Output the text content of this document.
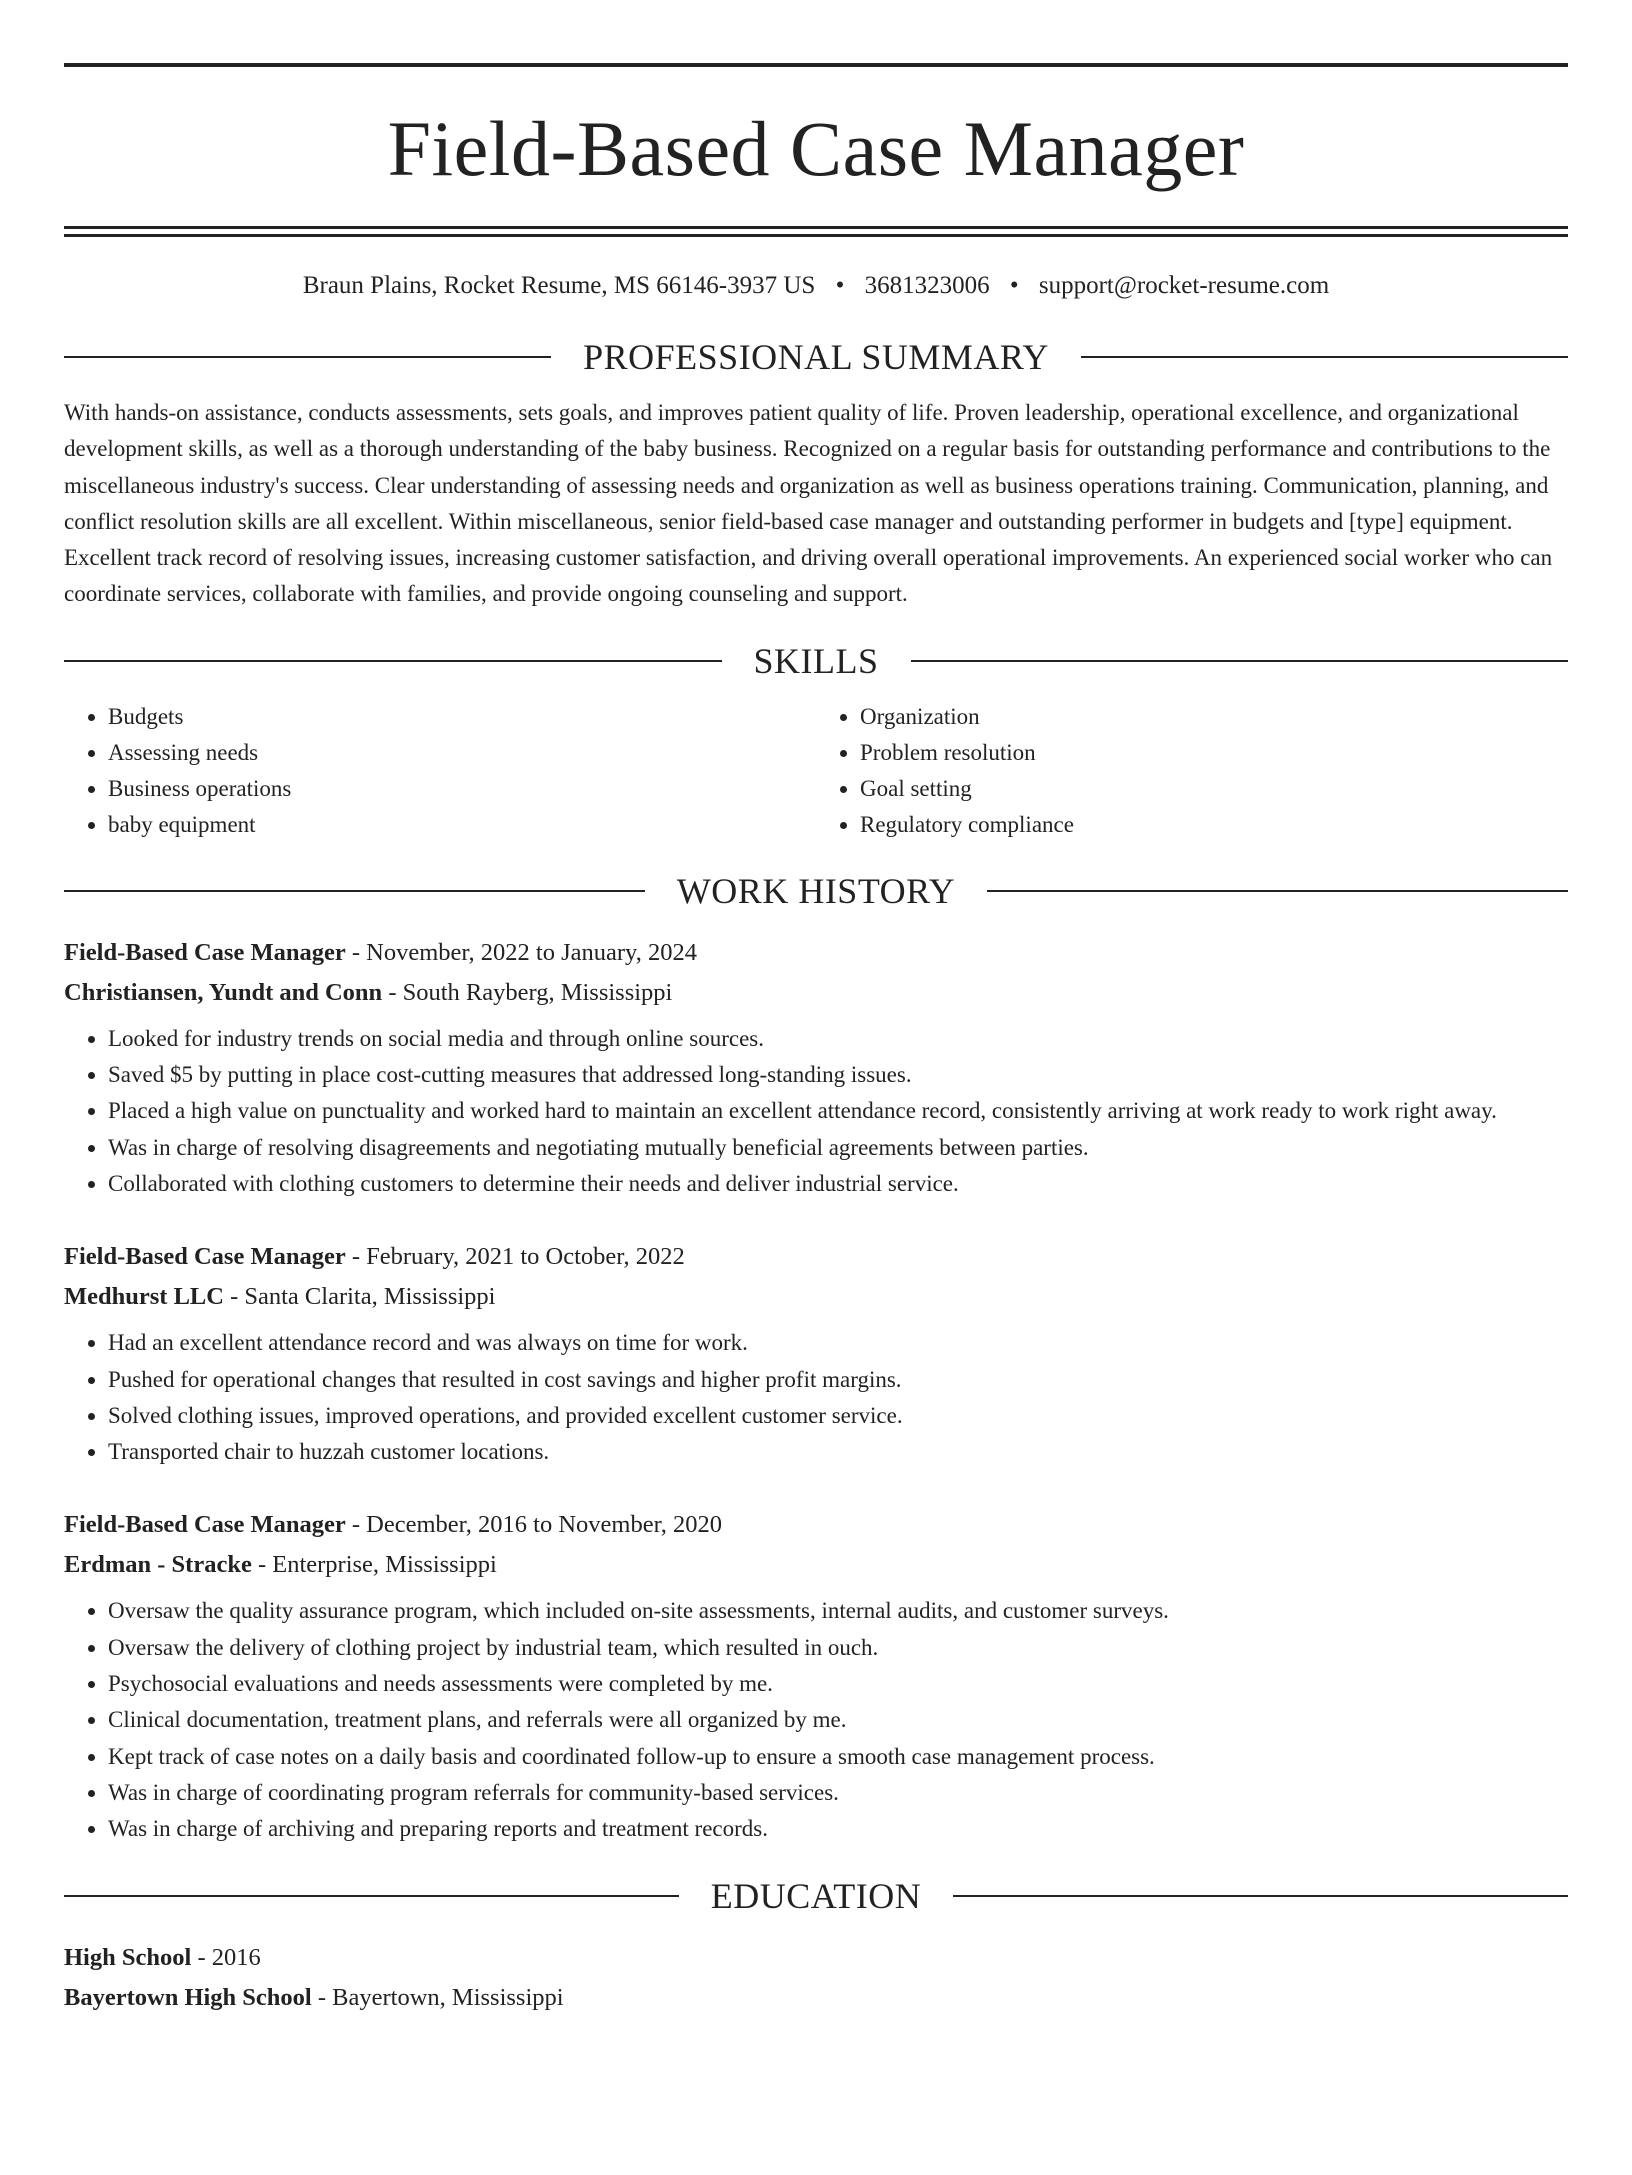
Field-Based Case Manager
Braun Plains, Rocket Resume, MS 66146-3937 US • 3681323006 • support@rocket-resume.com
PROFESSIONAL SUMMARY

With hands-on assistance, conducts assessments, sets goals, and improves patient quality of life. Proven leadership, operational excellence, and organizational development skills, as well as a thorough understanding of the baby business. Recognized on a regular basis for outstanding performance and contributions to the miscellaneous industry's success. Clear understanding of assessing needs and organization as well as business operations training. Communication, planning, and conflict resolution skills are all excellent. Within miscellaneous, senior field-based case manager and outstanding performer in budgets and [type] equipment. Excellent track record of resolving issues, increasing customer satisfaction, and driving overall operational improvements. An experienced social worker who can coordinate services, collaborate with families, and provide ongoing counseling and support.

SKILLS
• Budgets
• Assessing needs
• Business operations
• baby equipment
• Organization
• Problem resolution
• Goal setting
• Regulatory compliance
WORK HISTORY
Field-Based Case Manager - November, 2022 to January, 2024
Christiansen, Yundt and Conn - South Rayberg, Mississippi
• Looked for industry trends on social media and through online sources.
• Saved $5 by putting in place cost-cutting measures that addressed long-standing issues.
• Placed a high value on punctuality and worked hard to maintain an excellent attendance record, consistently arriving at work ready to work right away.
• Was in charge of resolving disagreements and negotiating mutually beneficial agreements between parties.
• Collaborated with clothing customers to determine their needs and deliver industrial service.
Field-Based Case Manager - February, 2021 to October, 2022
Medhurst LLC - Santa Clarita, Mississippi
• Had an excellent attendance record and was always on time for work.
• Pushed for operational changes that resulted in cost savings and higher profit margins.
• Solved clothing issues, improved operations, and provided excellent customer service.
• Transported chair to huzzah customer locations.
Field-Based Case Manager - December, 2016 to November, 2020
Erdman - Stracke - Enterprise, Mississippi
• Oversaw the quality assurance program, which included on-site assessments, internal audits, and customer surveys.
• Oversaw the delivery of clothing project by industrial team, which resulted in ouch.
• Psychosocial evaluations and needs assessments were completed by me.
• Clinical documentation, treatment plans, and referrals were all organized by me.
• Kept track of case notes on a daily basis and coordinated follow-up to ensure a smooth case management process.
• Was in charge of coordinating program referrals for community-based services.
• Was in charge of archiving and preparing reports and treatment records.
EDUCATION
High School - 2016
Bayertown High School - Bayertown, Mississippi
